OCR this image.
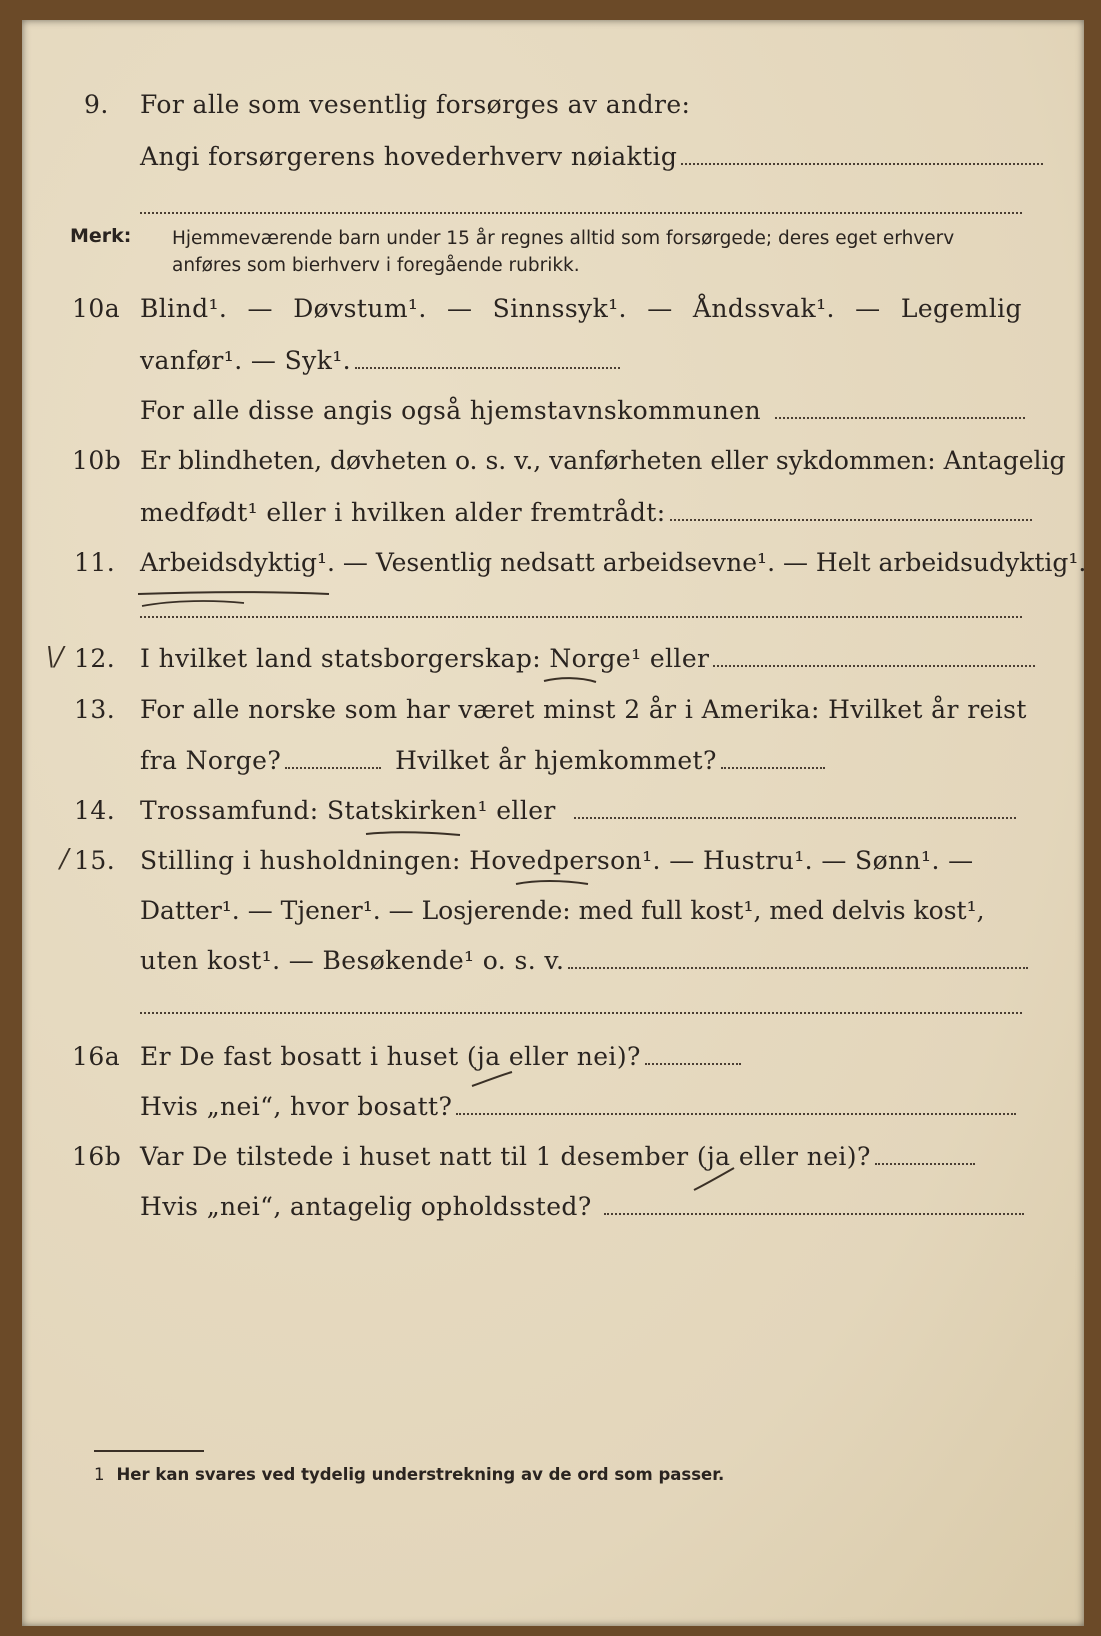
9.	For alle som vesentlig forsørges av andre:
Angi forsørgerens hovederhverv nøiaktig
Merk: Hjemmeværende barn under 15 år regnes alltid som forsørgede; deres eget erhverv anføres som bierhverv i foregående rubrikk.
10a Blind¹. — Døvstum¹. — Sinnssyk¹. — Åndssvak¹. — Legemlig
vanfør¹. — Syk¹.
For alle disse angis også hjemstavnskommunen
10b Er blindheten, døvheten o. s. v., vanførheten eller sykdommen: Antagelig
medfødt¹ eller i hvilken alder fremtrådt:
11. Arbeidsdyktig¹. — Vesentlig nedsatt arbeidsevne¹. — Helt arbeidsudyktig¹.
\/ 12. I hvilket land statsborgerskap: Norge¹ eller
13. For alle norske som har været minst 2 år i Amerika: Hvilket år reist
fra Norge?	Hvilket år hjemkommet?
14. Trossamfund: Statskirken¹ eller
/ 15. Stilling i husholdningen: Hovedperson¹. — Hustru¹. — Sønn¹. —
Datter¹. — Tjener¹. — Losjerende: med full kost¹, med delvis kost¹,
uten kost¹. — Besøkende¹ o. s. v.
16a Er De fast bosatt i huset (ja eller nei)?
Hvis „nei“, hvor bosatt?
16b Var De tilstede i huset natt til 1 desember (ja eller nei)?
Hvis „nei“, antagelig opholdssted?
1 Her kan svares ved tydelig understrekning av de ord som passer.
